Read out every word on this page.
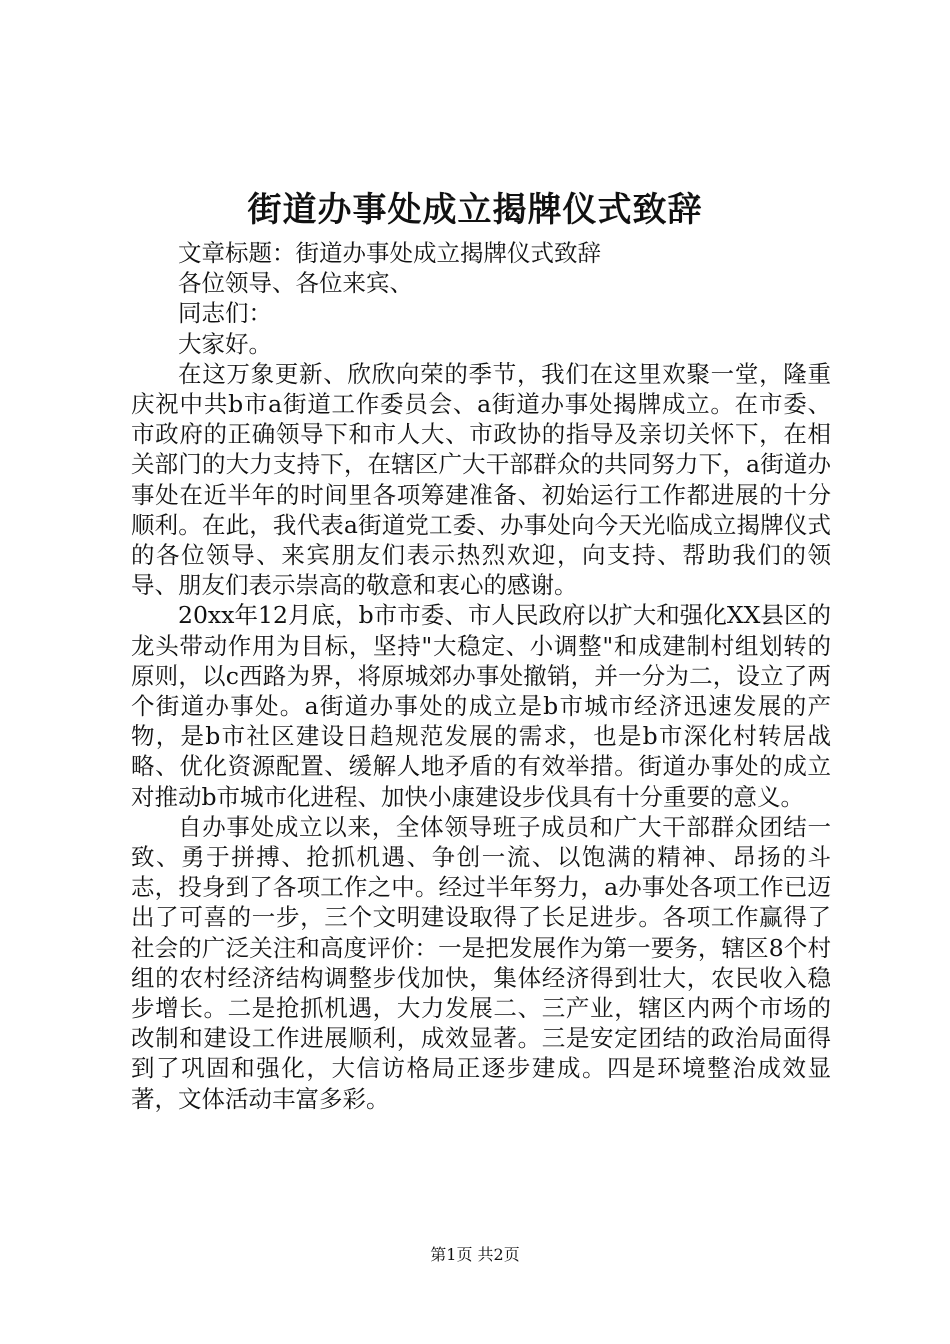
街道办事处成立揭牌仪式致辞

文章标题：街道办事处成立揭牌仪式致辞

各位领导、各位来宾、

同志们：

大家好。

在这万象更新、欣欣向荣的季节，我们在这里欢聚一堂，隆重庆祝中共b市a街道工作委员会、a街道办事处揭牌成立。在市委、市政府的正确领导下和市人大、市政协的指导及亲切关怀下，在相关部门的大力支持下，在辖区广大干部群众的共同努力下，a街道办事处在近半年的时间里各项筹建准备、初始运行工作都进展的十分顺利。在此，我代表a街道党工委、办事处向今天光临成立揭牌仪式的各位领导、来宾朋友们表示热烈欢迎，向支持、帮助我们的领导、朋友们表示崇高的敬意和衷心的感谢。

20xx年12月底，b市市委、市人民政府以扩大和强化XX县区的龙头带动作用为目标，坚持"大稳定、小调整"和成建制村组划转的原则，以c西路为界，将原城郊办事处撤销，并一分为二，设立了两个街道办事处。a街道办事处的成立是b市城市经济迅速发展的产物，是b市社区建设日趋规范发展的需求，也是b市深化村转居战略、优化资源配置、缓解人地矛盾的有效举措。街道办事处的成立对推动b市城市化进程、加快小康建设步伐具有十分重要的意义。

自办事处成立以来，全体领导班子成员和广大干部群众团结一致、勇于拼搏、抢抓机遇、争创一流、以饱满的精神、昂扬的斗志，投身到了各项工作之中。经过半年努力，a办事处各项工作已迈出了可喜的一步，三个文明建设取得了长足进步。各项工作赢得了社会的广泛关注和高度评价：一是把发展作为第一要务，辖区8个村组的农村经济结构调整步伐加快，集体经济得到壮大，农民收入稳步增长。二是抢抓机遇，大力发展二、三产业，辖区内两个市场的改制和建设工作进展顺利，成效显著。三是安定团结的政治局面得到了巩固和强化，大信访格局正逐步建成。四是环境整治成效显著，文体活动丰富多彩。

第1页 共2页
